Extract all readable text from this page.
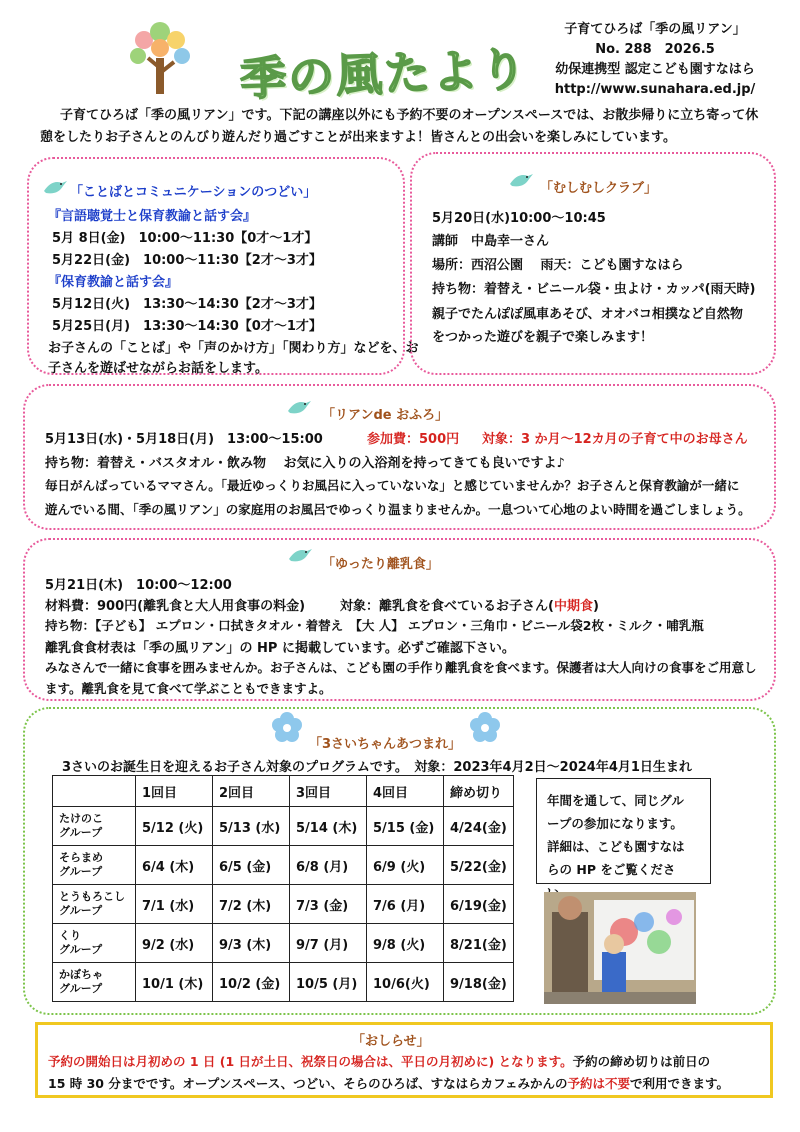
季の風たより
子育てひろば「季の風リアン」
No. 288　2026.5
幼保連携型 認定こども園すなはら
http://www.sunahara.ed.jp/
子育てひろば「季の風リアン」です。下記の講座以外にも予約不要のオープンスペースでは、お散歩帰りに立ち寄って休憩をしたりお子さんとのんびり遊んだり過ごすことが出来ますよ！皆さんとの出会いを楽しみにしています。
「ことばとコミュニケーションのつどい」
『言語聴覚士と保育教諭と話す会』
5月 8日(金)　10:00～11:30【0才～1才】
5月22日(金)　10:00～11:30【2才～3才】
『保育教諭と話す会』
5月12日(火)　13:30～14:30【2才～3才】
5月25日(月)　13:30～14:30【0才～1才】
お子さんの「ことば」や「声のかけ方」「関わり方」などを、お
子さんを遊ばせながらお話をします。
「むしむしクラブ」
5月20日(水)10:00～10:45
講師　中島幸一さん
場所：西沼公園　 雨天：こども園すなはら
持ち物：着替え・ビニール袋・虫よけ・カッパ(雨天時)
親子でたんぽぽ風車あそび、オオバコ相撲など自然物
をつかった遊びを親子で楽しみます！
「リアンde おふろ」
5月13日(水)・5月18日(月)　13:00～15:00	参加費：500円 対象：3 か月～12カ月の子育て中のお母さん
持ち物：着替え・バスタオル・飲み物　 お気に入りの入浴剤を持ってきても良いですよ♪
毎日がんばっているママさん。「最近ゆっくりお風呂に入っていないな」と感じていませんか？お子さんと保育教諭が一緒に
遊んでいる間、「季の風リアン」の家庭用のお風呂でゆっくり温まりませんか。一息ついて心地のよい時間を過ごしましょう。
「ゆったり離乳食」
5月21日(木)　10:00～12:00
材料費：900円(離乳食と大人用食事の料金)	対象：離乳食を食べているお子さん(中期食)
持ち物：【子ども】 エプロン・口拭きタオル・着替え　【大 人】 エプロン・三角巾・ビニール袋2枚・ミルク・哺乳瓶
離乳食食材表は「季の風リアン」の HP に掲載しています。必ずご確認下さい。
みなさんで一緒に食事を囲みませんか。お子さんは、こども園の手作り離乳食を食べます。保護者は大人向けの食事をご用意し
ます。離乳食を見て食べて学ぶこともできますよ。
「3さいちゃんあつまれ」
3さいのお誕生日を迎えるお子さん対象のプログラムです。　対象：2023年4月2日～2024年4月1日生まれ
	1回目	2回目	3回目	4回目	締め切り

たけのこ
グループ	5/12 (火)	5/13 (水)	5/14 (木)	5/15 (金)	4/24(金)

そらまめ
グループ	6/4 (木)	6/5 (金)	6/8 (月)	6/9 (火)	5/22(金)

とうもろこし
グループ	7/1 (水)	7/2 (木)	7/3 (金)	7/6 (月)	6/19(金)

くり
グループ	9/2 (水)	9/3 (木)	9/7 (月)	9/8 (火)	8/21(金)

かぼちゃ
グループ	10/1 (木)	10/2 (金)	10/5 (月)	10/6(火)	9/18(金)
年間を通して、同じグル
ープの参加になります。
詳細は、こども園すなは
らの HP をご覧くださ
「おしらせ」
予約の開始日は月初めの 1 日 (1 日が土日、祝祭日の場合は、平日の月初めに) となります。予約の締め切りは前日の
15 時 30 分までです。オープンスペース、つどい、そらのひろば、すなはらカフェみかんの予約は不要で利用できます。
